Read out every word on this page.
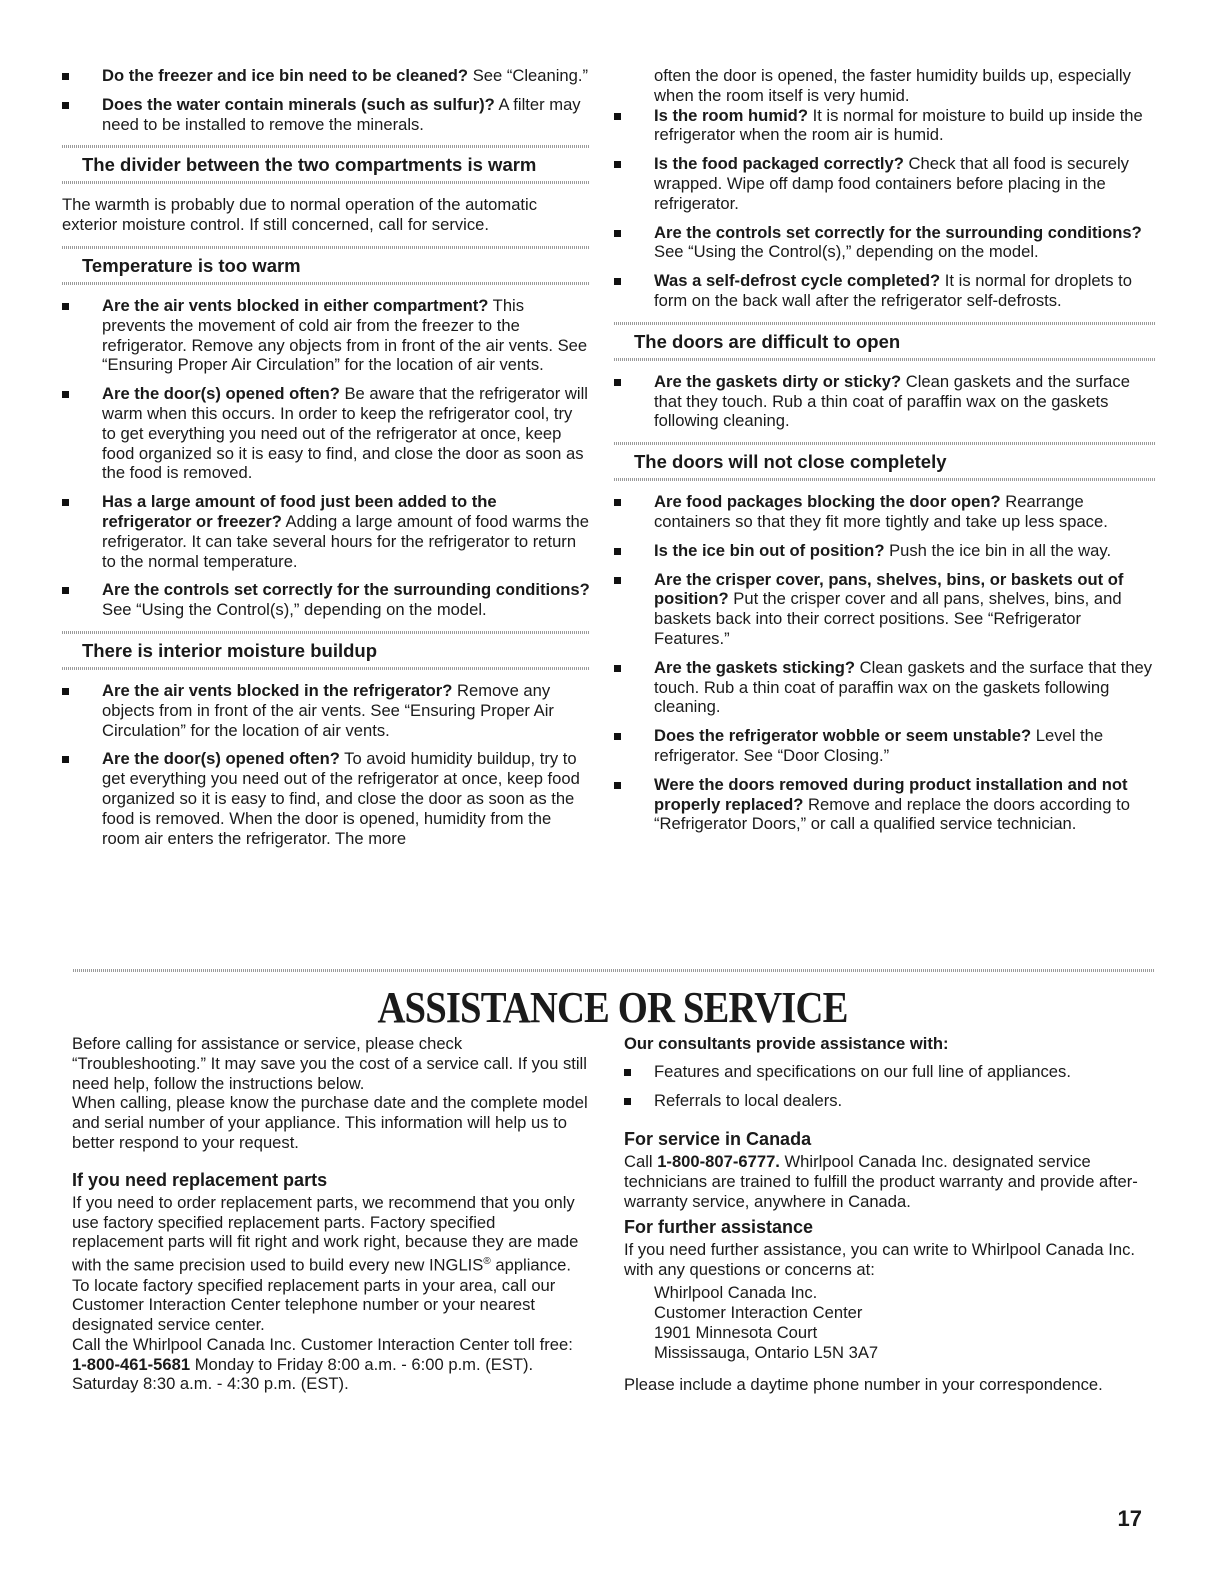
Do the freezer and ice bin need to be cleaned? See “Cleaning.”
Does the water contain minerals (such as sulfur)? A filter may need to be installed to remove the minerals.
The divider between the two compartments is warm

The warmth is probably due to normal operation of the automatic exterior moisture control. If still concerned, call for service.

Temperature is too warm
Are the air vents blocked in either compartment? This prevents the movement of cold air from the freezer to the refrigerator. Remove any objects from in front of the air vents. See “Ensuring Proper Air Circulation” for the location of air vents.
Are the door(s) opened often? Be aware that the refrigerator will warm when this occurs. In order to keep the refrigerator cool, try to get everything you need out of the refrigerator at once, keep food organized so it is easy to find, and close the door as soon as the food is removed.
Has a large amount of food just been added to the refrigerator or freezer? Adding a large amount of food warms the refrigerator. It can take several hours for the refrigerator to return to the normal temperature.
Are the controls set correctly for the surrounding conditions? See “Using the Control(s),” depending on the model.
There is interior moisture buildup
Are the air vents blocked in the refrigerator? Remove any objects from in front of the air vents. See “Ensuring Proper Air Circulation” for the location of air vents.
Are the door(s) opened often? To avoid humidity buildup, try to get everything you need out of the refrigerator at once, keep food organized so it is easy to find, and close the door as soon as the food is removed. When the door is opened, humidity from the room air enters the refrigerator. The more

often the door is opened, the faster humidity builds up, especially when the room itself is very humid.

Is the room humid? It is normal for moisture to build up inside the refrigerator when the room air is humid.
Is the food packaged correctly? Check that all food is securely wrapped. Wipe off damp food containers before placing in the refrigerator.
Are the controls set correctly for the surrounding conditions? See “Using the Control(s),” depending on the model.
Was a self-defrost cycle completed? It is normal for droplets to form on the back wall after the refrigerator self-defrosts.
The doors are difficult to open
Are the gaskets dirty or sticky? Clean gaskets and the surface that they touch. Rub a thin coat of paraffin wax on the gaskets following cleaning.
The doors will not close completely
Are food packages blocking the door open? Rearrange containers so that they fit more tightly and take up less space.
Is the ice bin out of position? Push the ice bin in all the way.
Are the crisper cover, pans, shelves, bins, or baskets out of position? Put the crisper cover and all pans, shelves, bins, and baskets back into their correct positions. See “Refrigerator Features.”
Are the gaskets sticking? Clean gaskets and the surface that they touch. Rub a thin coat of paraffin wax on the gaskets following cleaning.
Does the refrigerator wobble or seem unstable? Level the refrigerator. See “Door Closing.”
Were the doors removed during product installation and not properly replaced? Remove and replace the doors according to “Refrigerator Doors,” or call a qualified service technician.
ASSISTANCE OR SERVICE

Before calling for assistance or service, please check “Troubleshooting.” It may save you the cost of a service call. If you still need help, follow the instructions below.

When calling, please know the purchase date and the complete model and serial number of your appliance. This information will help us to better respond to your request.

If you need replacement parts

If you need to order replacement parts, we recommend that you only use factory specified replacement parts. Factory specified replacement parts will fit right and work right, because they are made with the same precision used to build every new INGLIS® appliance.

To locate factory specified replacement parts in your area, call our Customer Interaction Center telephone number or your nearest designated service center.

Call the Whirlpool Canada Inc. Customer Interaction Center toll free: 1-800-461-5681 Monday to Friday 8:00 a.m. - 6:00 p.m. (EST). Saturday 8:30 a.m. - 4:30 p.m. (EST).

Our consultants provide assistance with:
Features and specifications on our full line of appliances.
Referrals to local dealers.
For service in Canada

Call 1-800-807-6777. Whirlpool Canada Inc. designated service technicians are trained to fulfill the product warranty and provide after-warranty service, anywhere in Canada.

For further assistance

If you need further assistance, you can write to Whirlpool Canada Inc. with any questions or concerns at:

Whirlpool Canada Inc.
Customer Interaction Center
1901 Minnesota Court
Mississauga, Ontario L5N 3A7

Please include a daytime phone number in your correspondence.

17
